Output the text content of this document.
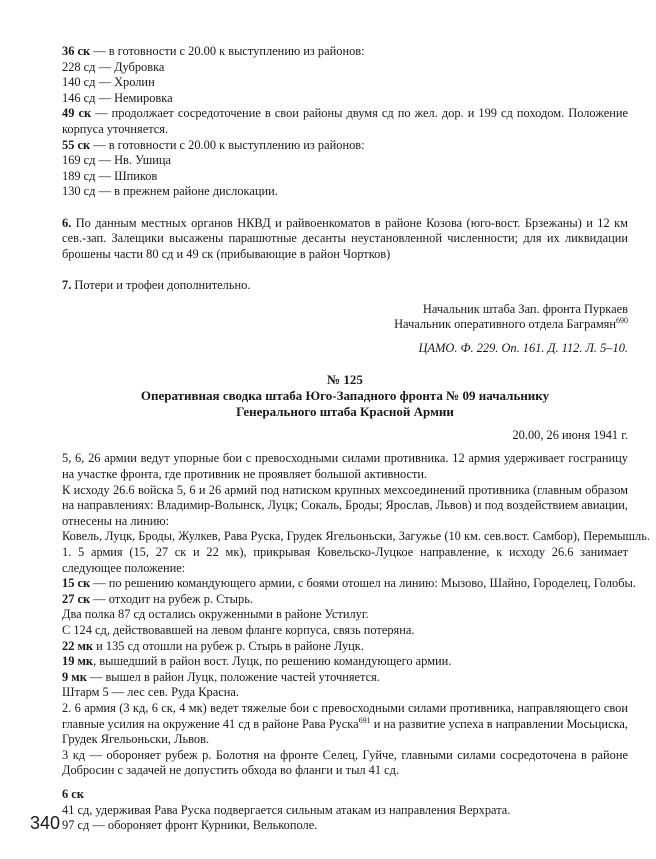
36 ск — в готовности с 20.00 к выступлению из районов:

228 сд — Дубровка

140 сд — Хролин

146 сд — Немировка

49 ск — продолжает сосредоточение в свои районы двумя сд по жел. дор. и 199 сд походом. Положение корпуса уточняется.

55 ск — в готовности с 20.00 к выступлению из районов:

169 сд — Нв. Ушица

189 сд — Шпиков

130 сд — в прежнем районе дислокации.

6. По данным местных органов НКВД и райвоенкоматов в районе Козова (юго-вост. Брзежаны) и 12 км сев.-зап. Залещики высажены парашютные десанты неустановленной численности; для их ликвидации брошены части 80 сд и 49 ск (прибывающие в район Чортков)

7. Потери и трофеи дополнительно.

Начальник штаба Зап. фронта Пуркаев

Начальник оперативного отдела Баграмян$^{690}$

ЦАМО. Ф. 229. Оп. 161. Д. 112. Л. 5–10.

№ 125

Оперативная сводка штаба Юго-Западного фронта № 09 начальнику

Генерального штаба Красной Армии

20.00, 26 июня 1941 г.

5, 6, 26 армии ведут упорные бои с превосходными силами противника. 12 армия удерживает госграницу на участке фронта, где противник не проявляет большой активности.

К исходу 26.6 войска 5, 6 и 26 армий под натиском крупных мехсоединений противника (главным образом на направлениях: Владимир-Волынск, Луцк; Сокаль, Броды; Ярослав, Львов) и под воздействием авиации, отнесены на линию:

Ковель, Луцк, Броды, Жулкев, Рава Руска, Грудек Ягельоньски, Загужье (10 км. сев.вост. Самбор), Перемышль.

1. 5 армия (15, 27 ск и 22 мк), прикрывая Ковельско-Луцкое направление, к исходу 26.6 занимает следующее положение:

15 ск — по решению командующего армии, с боями отошел на линию: Мызово, Шайно, Городелец, Голобы.

27 ск — отходит на рубеж р. Стырь.

Два полка 87 сд остались окруженными в районе Устилуг.

С 124 сд, действовавшей на левом фланге корпуса, связь потеряна.

22 мк и 135 сд отошли на рубеж р. Стырь в районе Луцк.

19 мк, вышедший в район вост. Луцк, по решению командующего армии.

9 мк — вышел в район Луцк, положение частей уточняется.

Штарм 5 — лес сев. Руда Красна.

2. 6 армия (3 кд, 6 ск, 4 мк) ведет тяжелые бои с превосходными силами противника, направляющего свои главные усилия на окружение 41 сд в районе Рава Руска$^{691}$ и на развитие успеха в направлении Мосьциска, Грудек Ягельоньски, Львов.

3 кд — обороняет рубеж р. Болотня на фронте Селец, Гуйче, главными силами сосредоточена в районе Добросин с задачей не допустить обхода во фланги и тыл 41 сд.

6 ск

41 сд, удерживая Рава Руска подвергается сильным атакам из направления Верхрата.

97 сд — обороняет фронт Курники, Велькополе.

340
